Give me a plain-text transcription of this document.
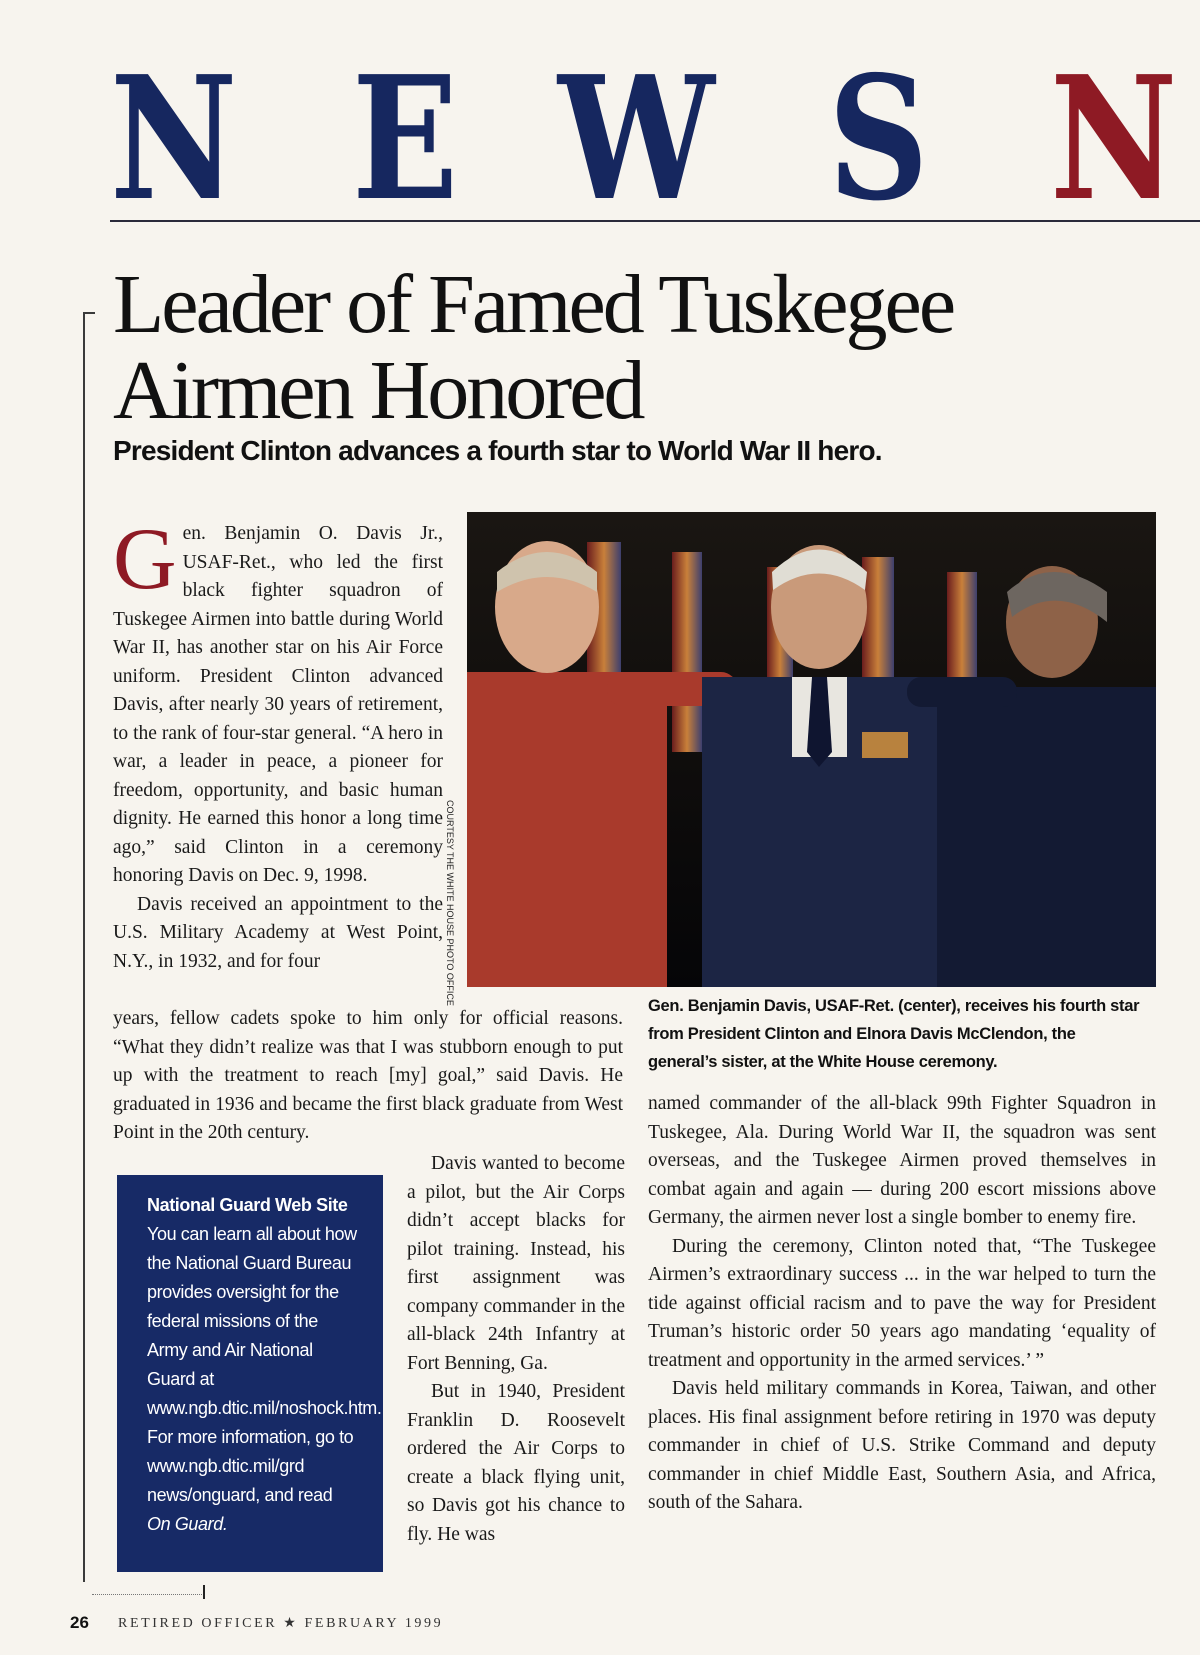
N E W S N
Leader of Famed Tuskegee
Airmen Honored
President Clinton advances a fourth star to World War II hero.
G en. Benjamin O. Davis Jr., USAF-Ret., who led the first black fighter squadron of Tuskegee Airmen into battle during World War II, has another star on his Air Force uniform. President Clinton advanced Davis, after nearly 30 years of retirement, to the rank of four-star general. “A hero in war, a leader in peace, a pioneer for freedom, opportunity, and basic human dignity. He earned this honor a long time ago,” said Clinton in a ceremony honoring Davis on Dec. 9, 1998.

Davis received an appointment to the U.S. Military Academy at West Point, N.Y., in 1932, and for four

years, fellow cadets spoke to him only for official reasons. “What they didn’t realize was that I was stubborn enough to put up with the treatment to reach [my] goal,” said Davis. He graduated in 1936 and became the first black graduate from West Point in the 20th century.
COURTESY THE WHITE HOUSE PHOTO OFFICE
Gen. Benjamin Davis, USAF-Ret. (center), receives his fourth star from President Clinton and Elnora Davis McClendon, the general’s sister, at the White House ceremony.
National Guard Web Site
You can learn all about how the National Guard Bureau provides oversight for the federal missions of the Army and Air National Guard at www.ngb.dtic.mil/noshock.htm. For more information, go to www.ngb.dtic.mil/grd news/onguard, and read
On Guard.

Davis wanted to become a pilot, but the Air Corps didn’t accept blacks for pilot training. Instead, his first assignment was company commander in the all-black 24th Infantry at Fort Benning, Ga.

But in 1940, President Franklin D. Roosevelt ordered the Air Corps to create a black flying unit, so Davis got his chance to fly. He was

named commander of the all-black 99th Fighter Squadron in Tuskegee, Ala. During World War II, the squadron was sent overseas, and the Tuskegee Airmen proved themselves in combat again and again — during 200 escort missions above Germany, the airmen never lost a single bomber to enemy fire.

During the ceremony, Clinton noted that, “The Tuskegee Airmen’s extraordinary success ... in the war helped to turn the tide against official racism and to pave the way for President Truman’s historic order 50 years ago mandating ‘equality of treatment and opportunity in the armed services.’ ”

Davis held military commands in Korea, Taiwan, and other places. His final assignment before retiring in 1970 was deputy commander in chief of U.S. Strike Command and deputy commander in chief Middle East, Southern Asia, and Africa, south of the Sahara.

26 RETIRED OFFICER ★ FEBRUARY 1999
